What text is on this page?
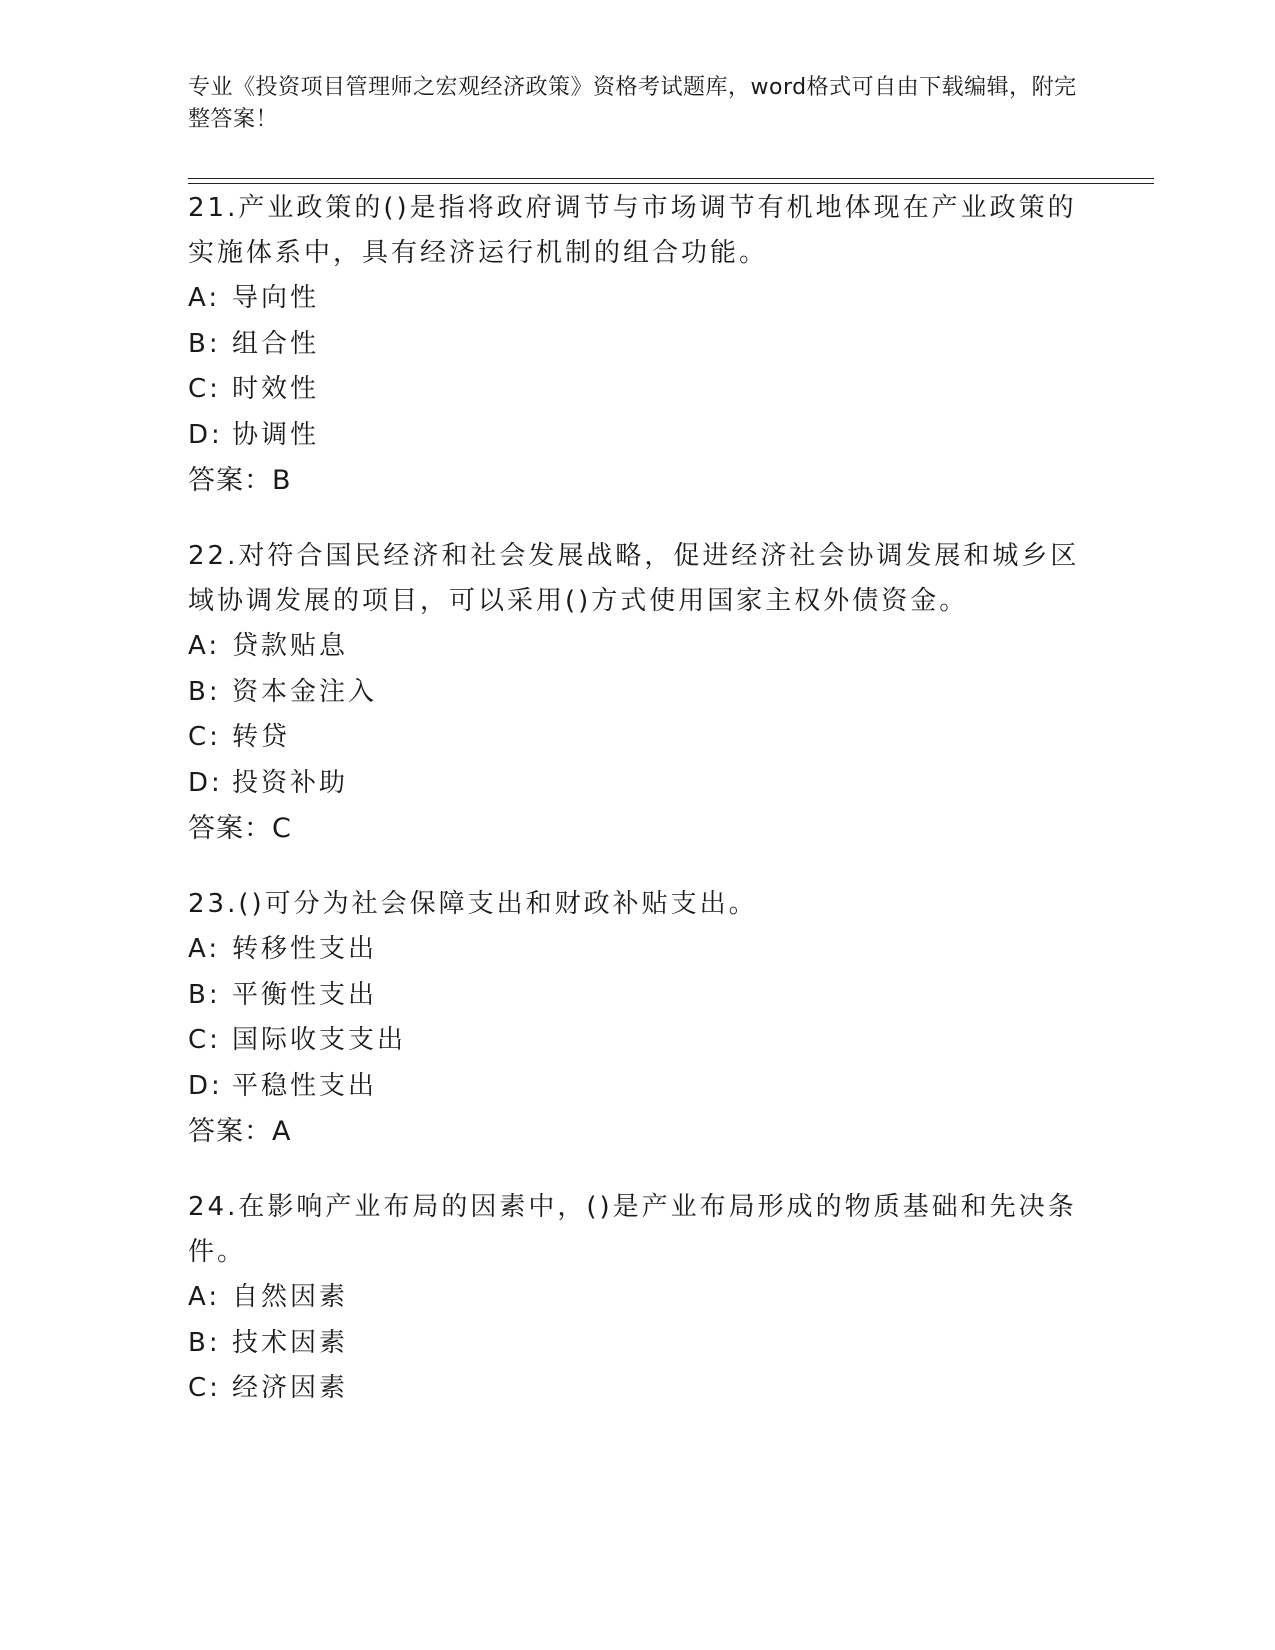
专业《投资项目管理师之宏观经济政策》资格考试题库，word格式可自由下载编辑，附完整答案！
21.产业政策的()是指将政府调节与市场调节有机地体现在产业政策的实施体系中，具有经济运行机制的组合功能。
A: 导向性
B: 组合性
C: 时效性
D: 协调性
答案：B
22.对符合国民经济和社会发展战略，促进经济社会协调发展和城乡区域协调发展的项目，可以采用()方式使用国家主权外债资金。
A: 贷款贴息
B: 资本金注入
C: 转贷
D: 投资补助
答案：C
23.()可分为社会保障支出和财政补贴支出。
A: 转移性支出
B: 平衡性支出
C: 国际收支支出
D: 平稳性支出
答案：A
24.在影响产业布局的因素中，()是产业布局形成的物质基础和先决条件。
A: 自然因素
B: 技术因素
C: 经济因素
